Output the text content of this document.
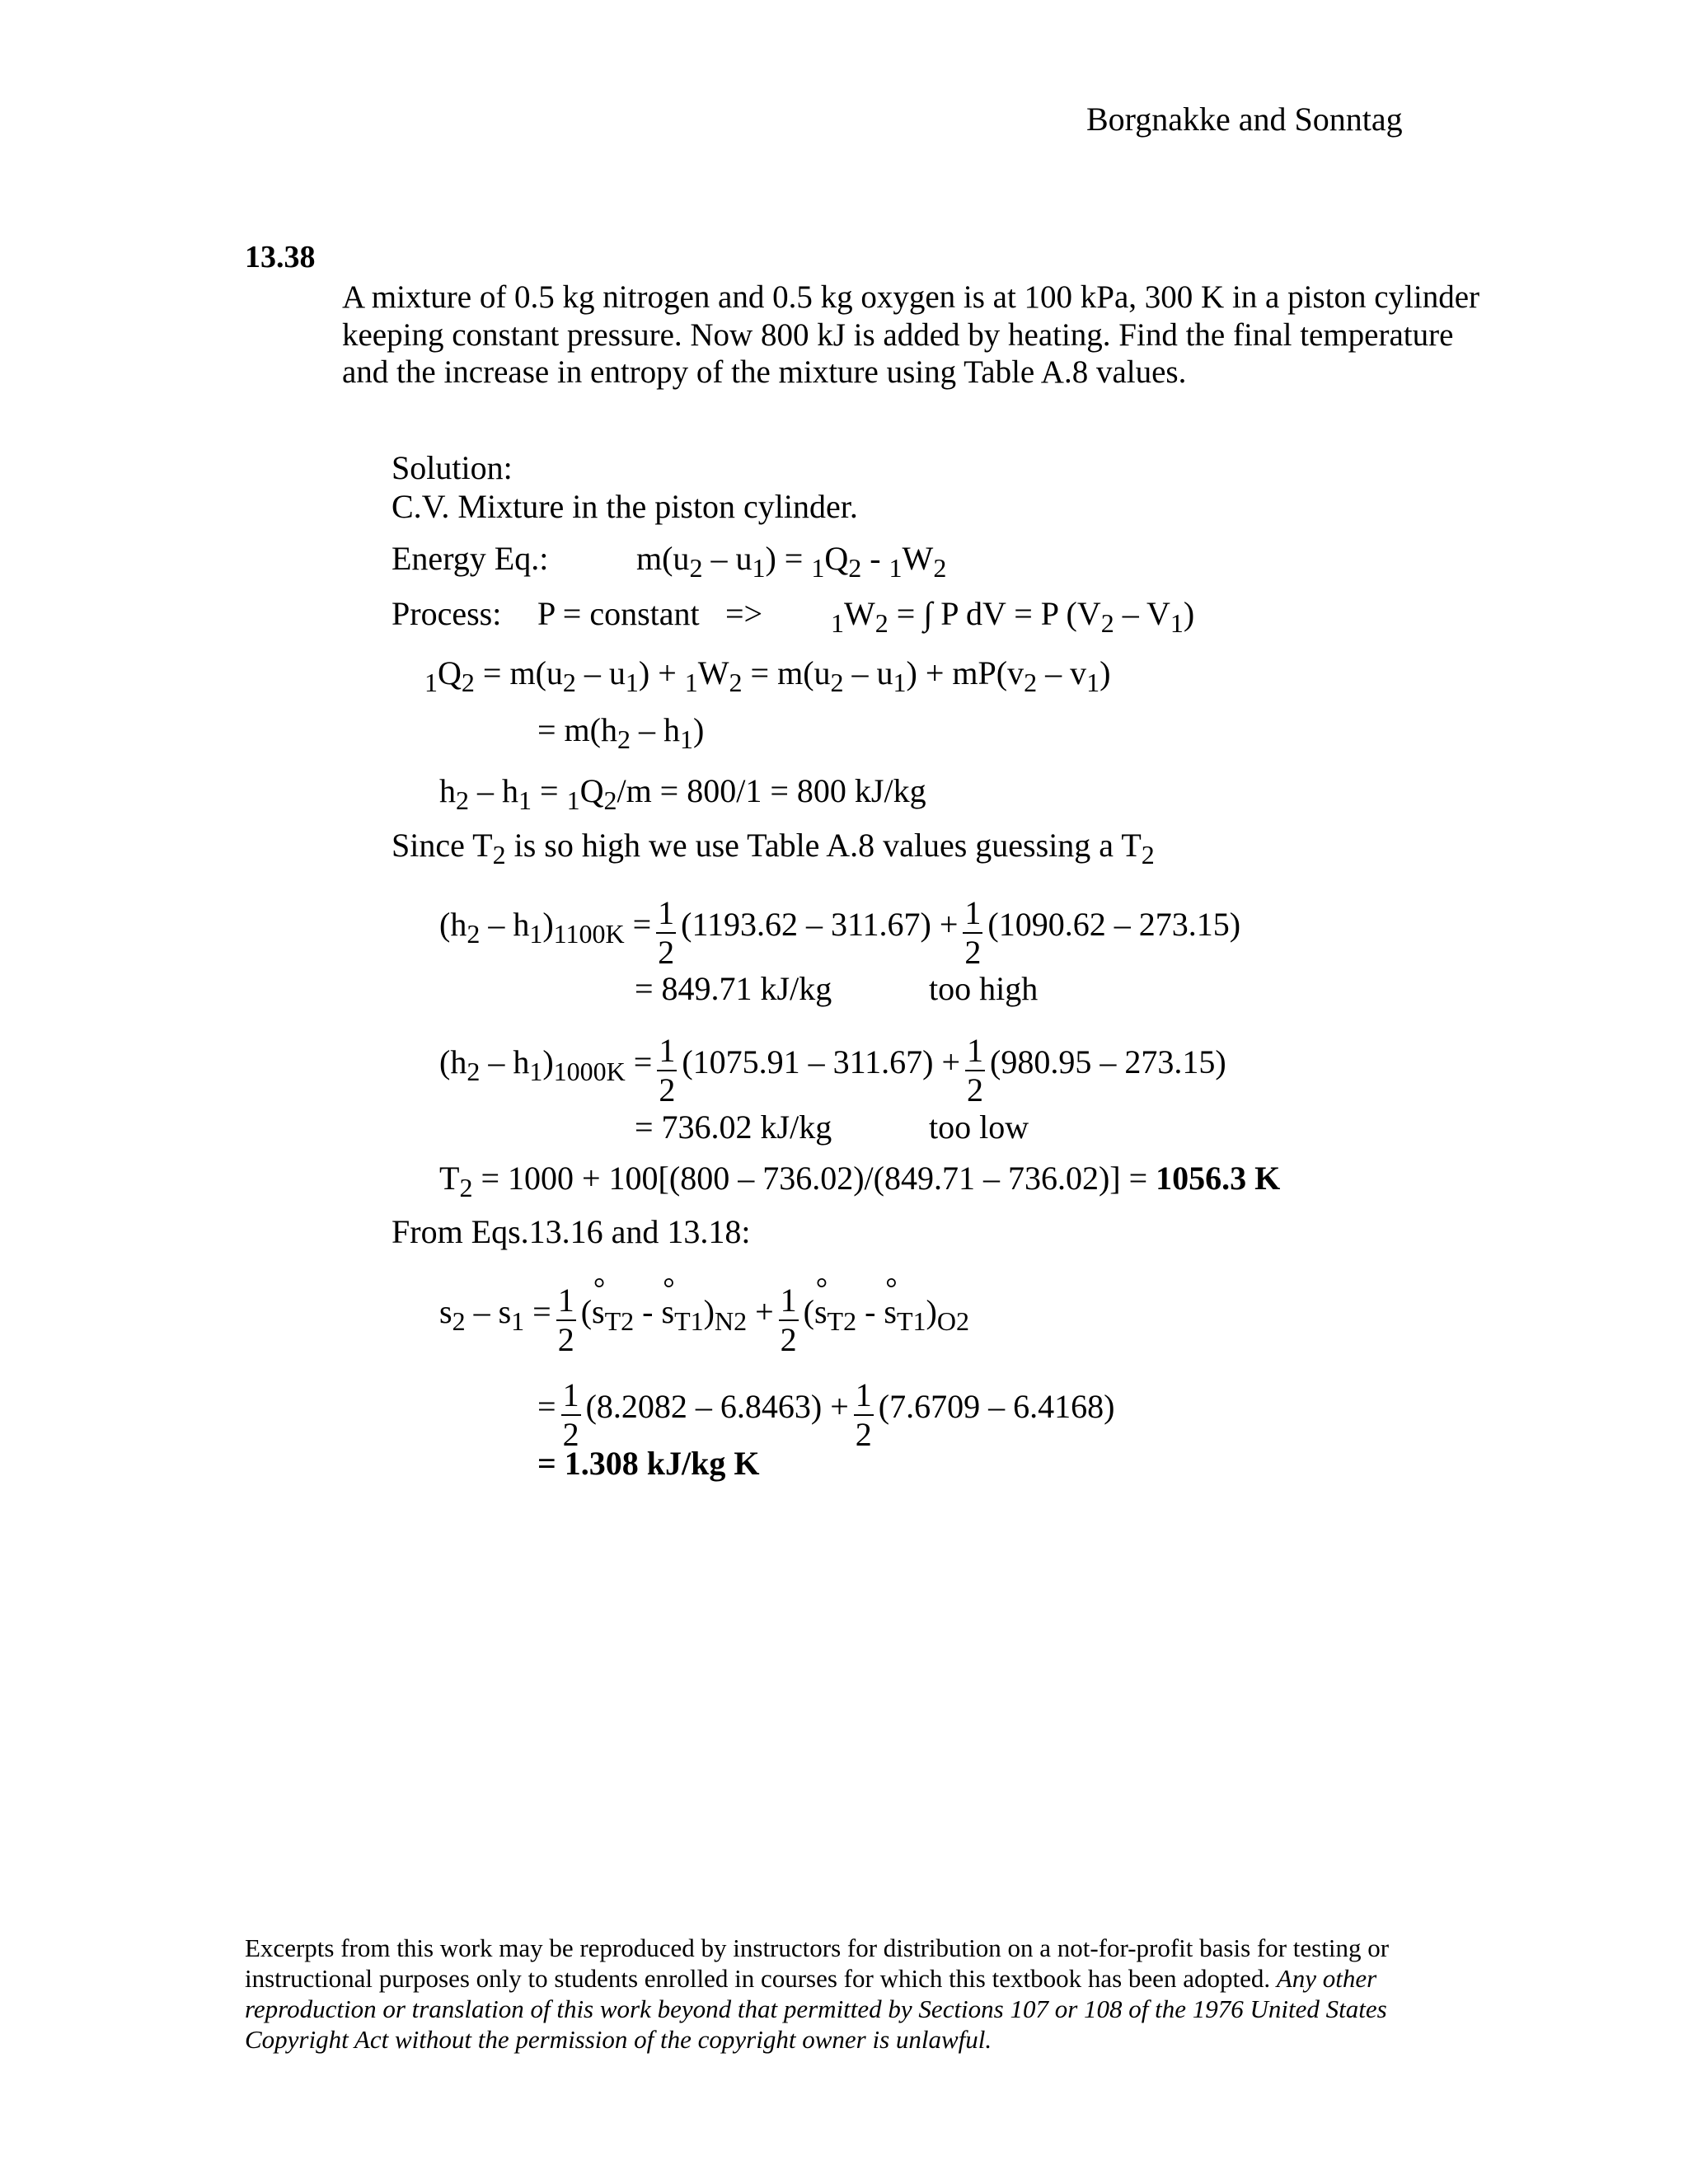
Borgnakke and Sonntag
13.38
A mixture of 0.5 kg nitrogen and 0.5 kg oxygen is at 100 kPa, 300 K in a piston cylinder keeping constant pressure. Now 800 kJ is added by heating. Find the final temperature and the increase in entropy of the mixture using Table A.8 values.
Solution:
C.V. Mixture in the piston cylinder.
Energy Eq.:	$m(u_2 - u_1) = _1Q_2 - _1W_2$
Process: P = constant =>	$_1W_2$ = ∫ P dV = P $(V_2 - V_1)$
$_1Q_2 = m(u_2 - u_1) + _1W_2 = m(u_2 - u_1) + mP(v_2 - v_1)$
= $m(h_2 - h_1)$
$h_2 - h_1 = _1Q_2/m = 800/1 = 800$ kJ/kg
Since $T_2$ is so high we use Table A.8 values guessing a $T_2$
$(h_2 - h_1)_{1100K} = \frac{1}{2} (1193.62 - 311.67) + \frac{1}{2} (1090.62 - 273.15)$
= 849.71 kJ/kg	too high
$(h_2 - h_1)_{1000K} = \frac{1}{2} (1075.91 - 311.67) + \frac{1}{2} (980.95 - 273.15)$
= 736.02 kJ/kg	too low
$T_2 = 1000 + 100[(800 - 736.02)/(849.71 - 736.02)] = 1056.3$ K
From Eqs.13.16 and 13.18:
$s_2 - s_1 = \frac{1}{2}$ (° $s_{T2}$ - ° $s_{T1})_{N2} + \frac{1}{2}$ (° $s_{T2}$ - ° $s_{T1})_{O2}$
= $\frac{1}{2} (8.2082 - 6.8463) + \frac{1}{2} (7.6709 - 6.4168)$
= 1.308 kJ/kg K
Excerpts from this work may be reproduced by instructors for distribution on a not-for-profit basis for testing or instructional purposes only to students enrolled in courses for which this textbook has been adopted. Any other reproduction or translation of this work beyond that permitted by Sections 107 or 108 of the 1976 United States Copyright Act without the permission of the copyright owner is unlawful.
